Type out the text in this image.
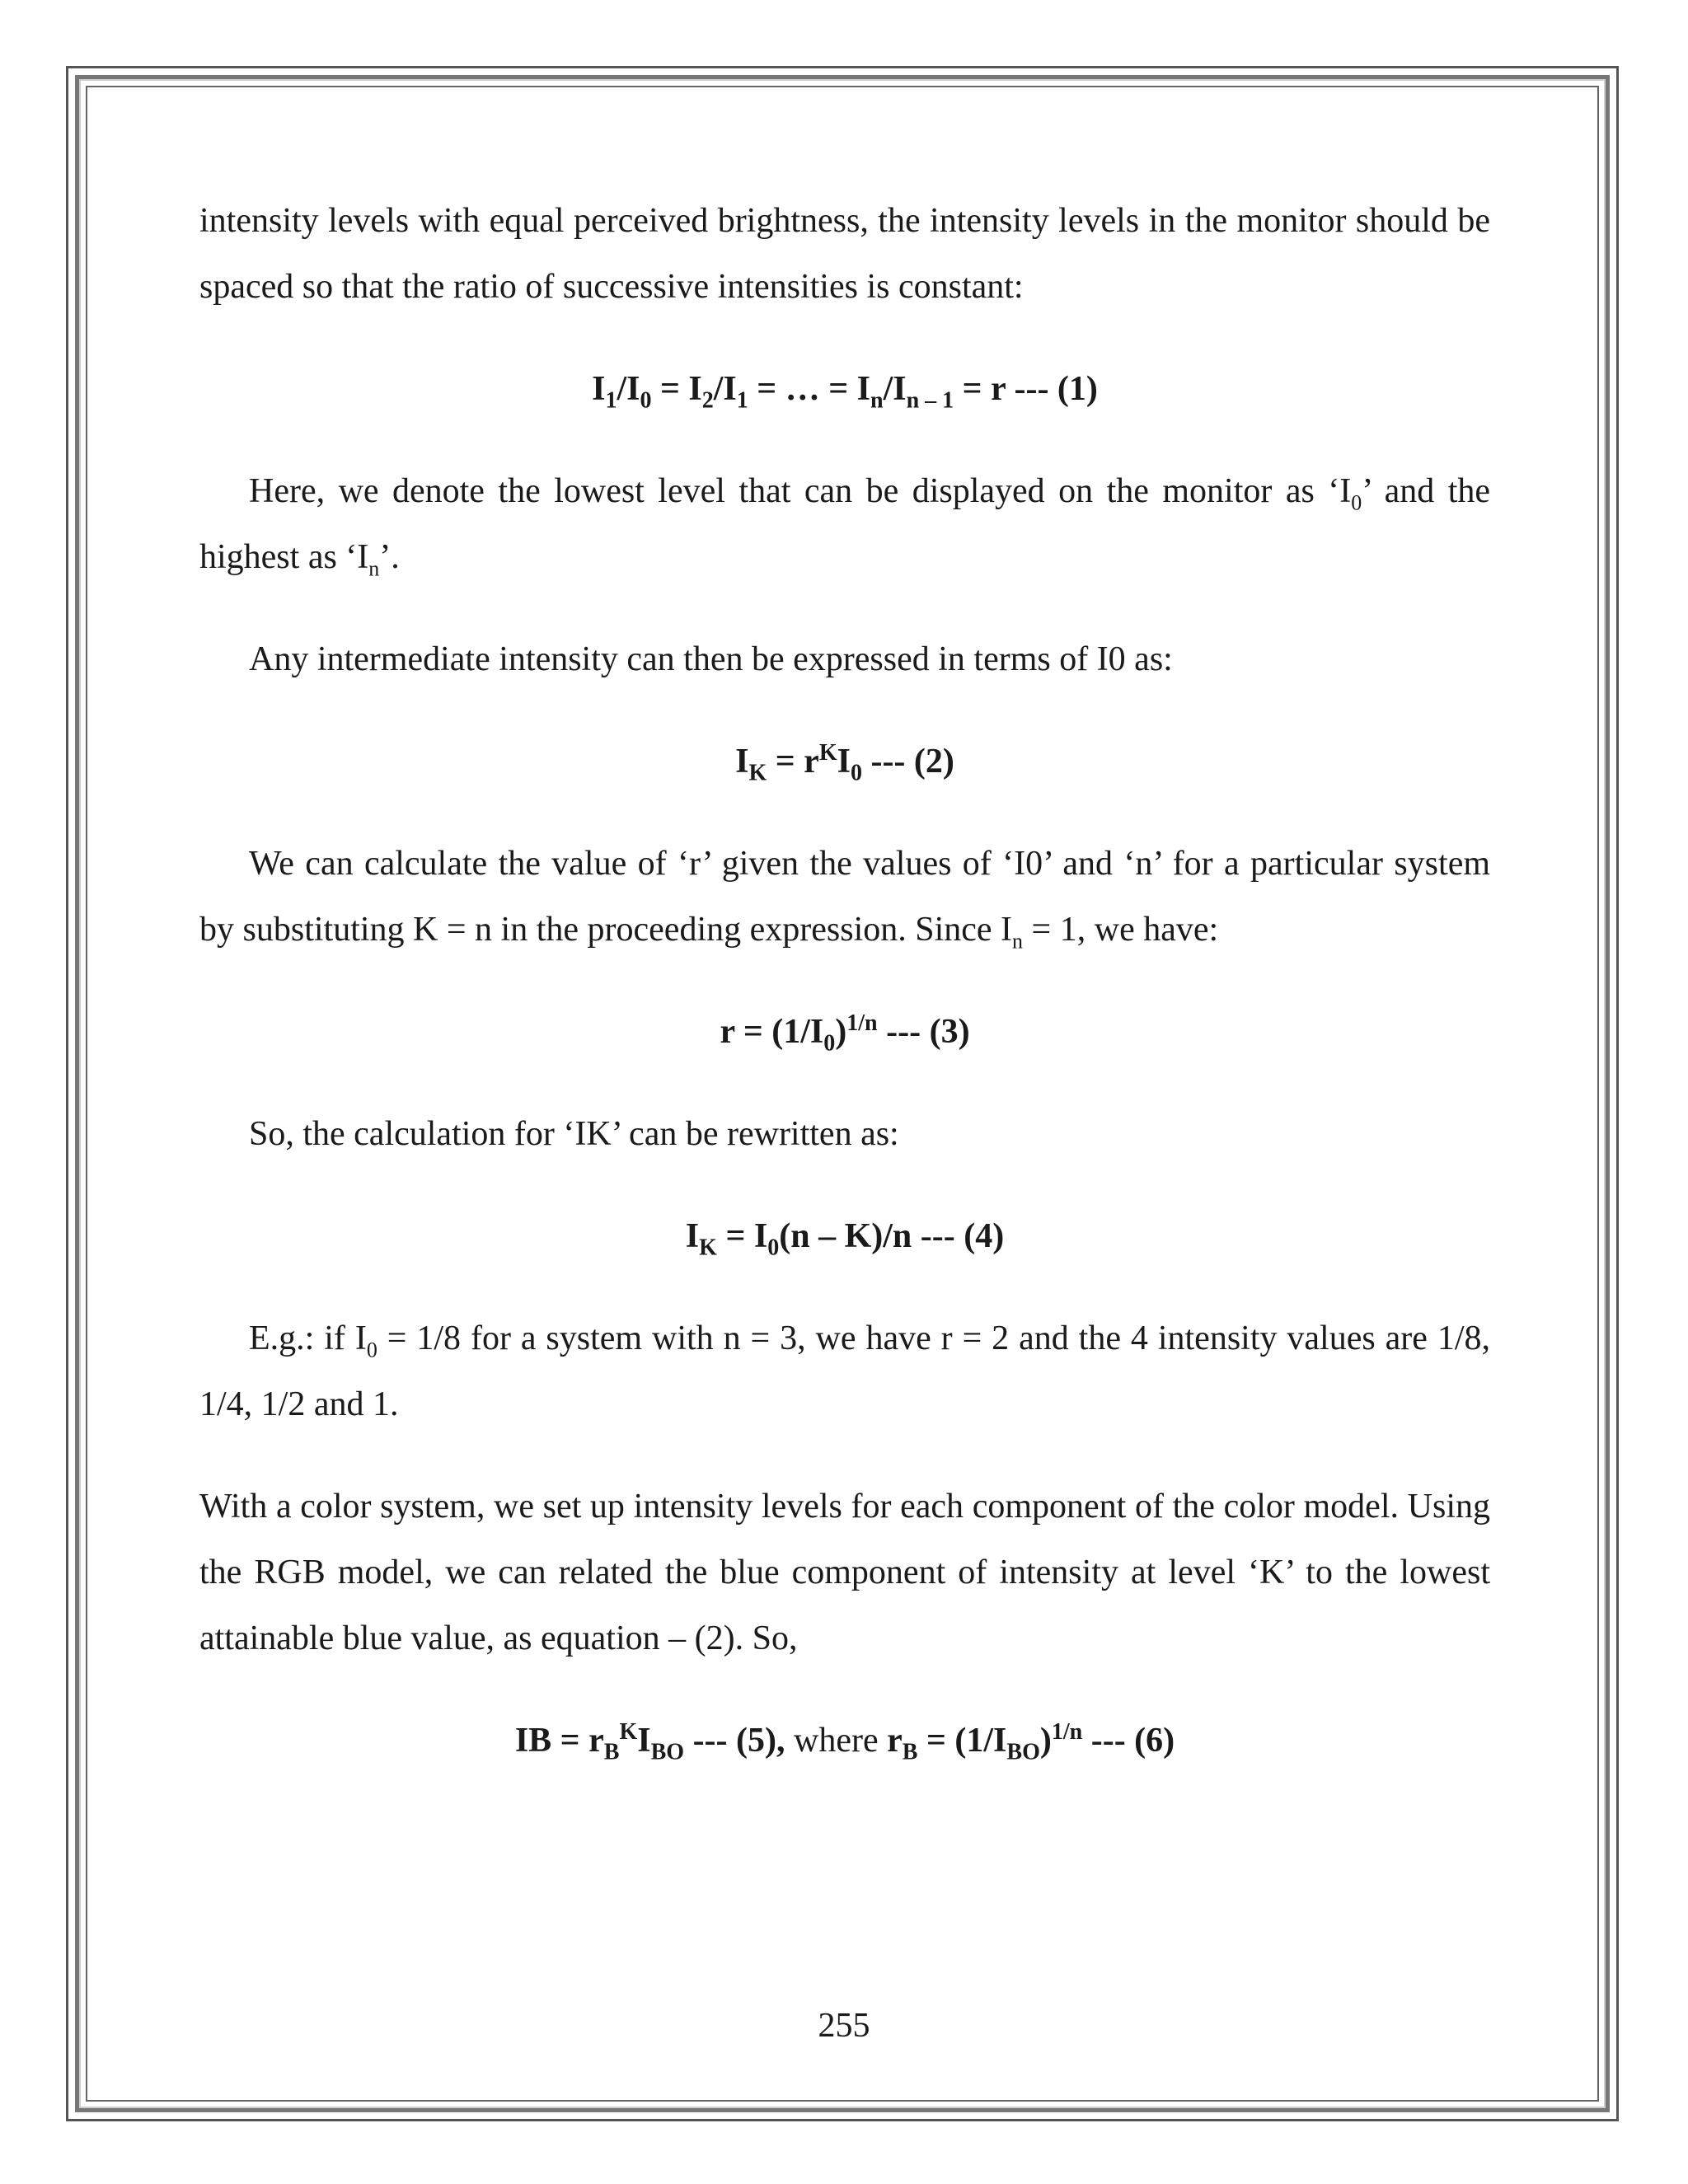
intensity levels with equal perceived brightness, the intensity levels in the monitor should be spaced so that the ratio of successive intensities is constant:

$I_1/I_0 = I_2/I_1$ = … = $I_n/I_{n - 1} = r$ --- (1)

Here, we denote the lowest level that can be displayed on the monitor as ‘$I_0$’ and the highest as ‘$I_n$’.

Any intermediate intensity can then be expressed in terms of I0 as:

$I_K = r^KI_0$ --- (2)

We can calculate the value of ‘r’ given the values of ‘I0’ and ‘n’ for a particular system by substituting K = n in the proceeding expression. Since $I_n = 1$, we have:

$r = (1/I_0)^{1/n}$ --- (3)

So, the calculation for ‘IK’ can be rewritten as:

$I_K = I_0(n - K)/n$ --- (4)

E.g.: if $I_0 = 1/8$ for a system with n = 3, we have r = 2 and the 4 intensity values are 1/8, 1/4, 1/2 and 1.

With a color system, we set up intensity levels for each component of the color model. Using the RGB model, we can related the blue component of intensity at level ‘K’ to the lowest attainable blue value, as equation – (2). So,

IB = $r_B^KI_{BO}$ --- (5), where $r_B = (1/I_{BO})^{1/n}$ --- (6)

255
